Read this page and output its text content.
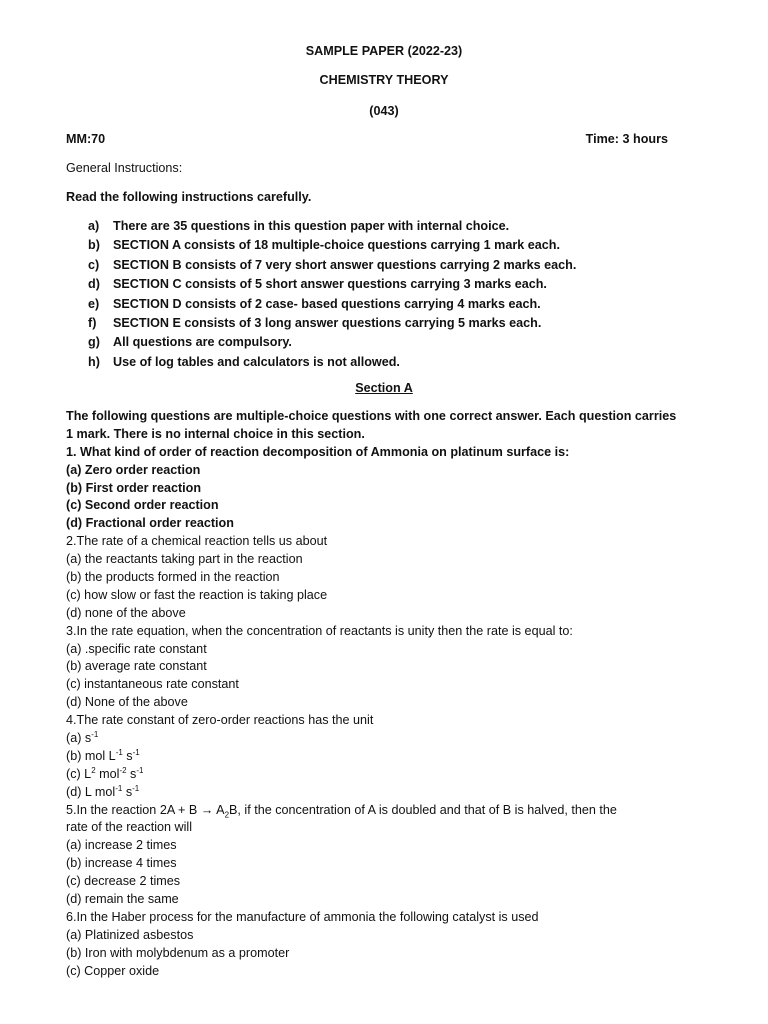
SAMPLE PAPER (2022-23)
CHEMISTRY THEORY
(043)
MM:70	Time: 3 hours
General Instructions:
Read the following instructions carefully.
a) There are 35 questions in this question paper with internal choice.
b) SECTION A consists of 18 multiple-choice questions carrying 1 mark each.
c) SECTION B consists of 7 very short answer questions carrying 2 marks each.
d) SECTION C consists of 5 short answer questions carrying 3 marks each.
e) SECTION D consists of 2 case- based questions carrying 4 marks each.
f) SECTION E consists of 3 long answer questions carrying 5 marks each.
g) All questions are compulsory.
h) Use of log tables and calculators is not allowed.
Section A
The following questions are multiple-choice questions with one correct answer. Each question carries
1 mark. There is no internal choice in this section.
1. What kind of order of reaction decomposition of Ammonia on platinum surface is:
(a) Zero order reaction
(b) First order reaction
(c) Second order reaction
(d) Fractional order reaction
2.The rate of a chemical reaction tells us about
(a) the reactants taking part in the reaction
(b) the products formed in the reaction
(c) how slow or fast the reaction is taking place
(d) none of the above
3.In the rate equation, when the concentration of reactants is unity then the rate is equal to:
(a) .specific rate constant
(b) average rate constant
(c) instantaneous rate constant
(d) None of the above
4.The rate constant of zero-order reactions has the unit
(a) $s^{-1}$
(b) mol $L^{-1}$ $s^{-1}$
(c) $L^2$ mol$^{-2}$ $s^{-1}$
(d) L mol$^{-1}$ $s^{-1}$
5.In the reaction $2A + B \to A_2B$, if the concentration of A is doubled and that of B is halved, then the
rate of the reaction will
(a) increase 2 times
(b) increase 4 times
(c) decrease 2 times
(d) remain the same
6.In the Haber process for the manufacture of ammonia the following catalyst is used
(a) Platinized asbestos
(b) Iron with molybdenum as a promoter
(c) Copper oxide
